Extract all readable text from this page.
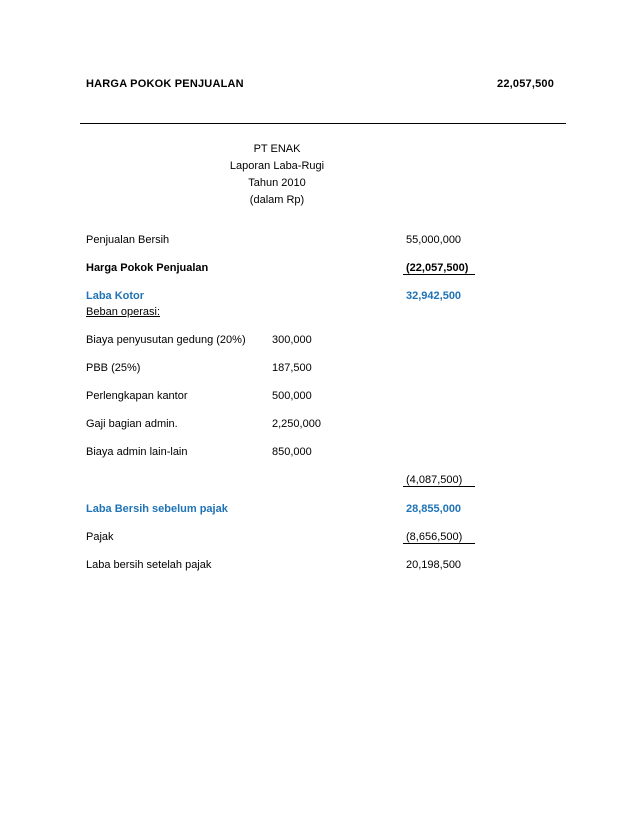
HARGA POKOK PENJUALAN	22,057,500
PT ENAK
Laporan Laba-Rugi
Tahun 2010
(dalam Rp)
Penjualan Bersih	55,000,000
Harga Pokok Penjualan	(22,057,500)
Laba Kotor	32,942,500
Beban operasi:
Biaya penyusutan gedung (20%) 300,000
PBB (25%)	187,500
Perlengkapan kantor	500,000
Gaji bagian admin.	2,250,000
Biaya admin lain-lain	850,000
(4,087,500)
Laba Bersih sebelum pajak	28,855,000
Pajak	(8,656,500)
Laba bersih setelah pajak	20,198,500
